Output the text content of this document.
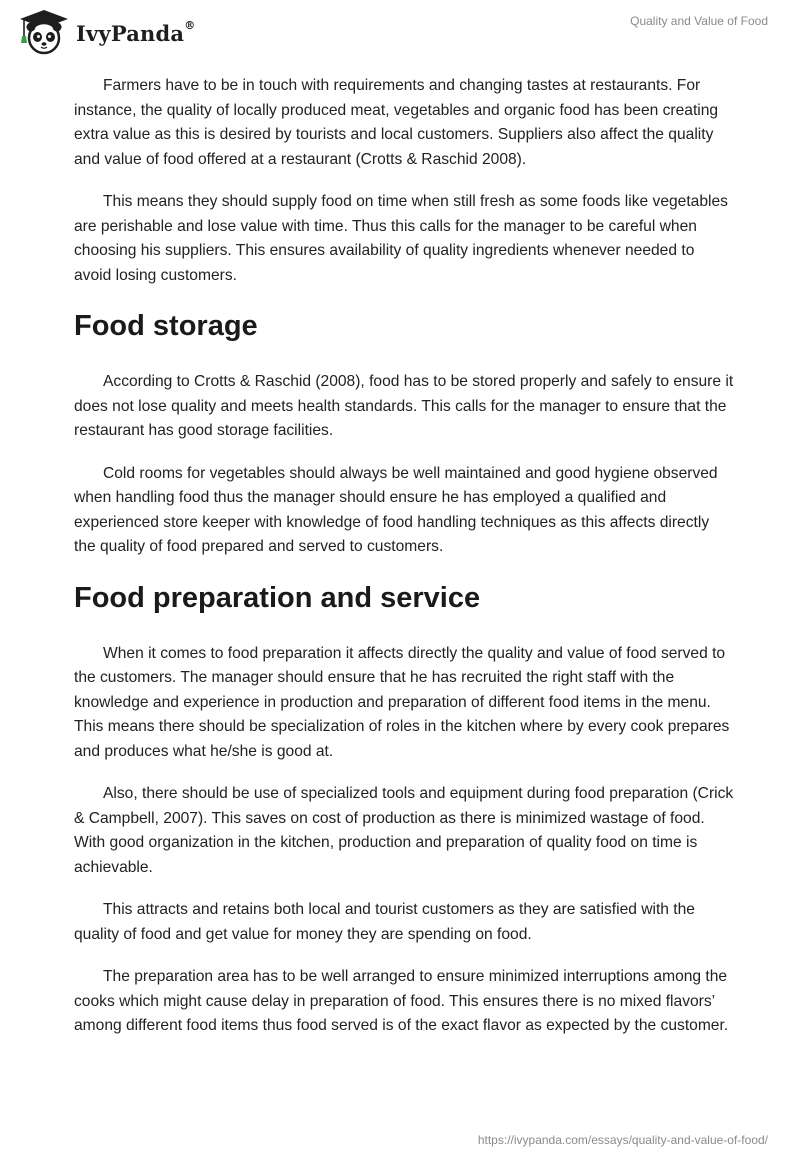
IvyPanda®	Quality and Value of Food

Farmers have to be in touch with requirements and changing tastes at restaurants. For instance, the quality of locally produced meat, vegetables and organic food has been creating extra value as this is desired by tourists and local customers. Suppliers also affect the quality and value of food offered at a restaurant (Crotts & Raschid 2008).

This means they should supply food on time when still fresh as some foods like vegetables are perishable and lose value with time. Thus this calls for the manager to be careful when choosing his suppliers. This ensures availability of quality ingredients whenever needed to avoid losing customers.

Food storage

According to Crotts & Raschid (2008), food has to be stored properly and safely to ensure it does not lose quality and meets health standards. This calls for the manager to ensure that the restaurant has good storage facilities.

Cold rooms for vegetables should always be well maintained and good hygiene observed when handling food thus the manager should ensure he has employed a qualified and experienced store keeper with knowledge of food handling techniques as this affects directly the quality of food prepared and served to customers.

Food preparation and service

When it comes to food preparation it affects directly the quality and value of food served to the customers. The manager should ensure that he has recruited the right staff with the knowledge and experience in production and preparation of different food items in the menu. This means there should be specialization of roles in the kitchen where by every cook prepares and produces what he/she is good at.

Also, there should be use of specialized tools and equipment during food preparation (Crick & Campbell, 2007). This saves on cost of production as there is minimized wastage of food. With good organization in the kitchen, production and preparation of quality food on time is achievable.

This attracts and retains both local and tourist customers as they are satisfied with the quality of food and get value for money they are spending on food.

The preparation area has to be well arranged to ensure minimized interruptions among the cooks which might cause delay in preparation of food. This ensures there is no mixed flavors’ among different food items thus food served is of the exact flavor as expected by the customer.

https://ivypanda.com/essays/quality-and-value-of-food/
